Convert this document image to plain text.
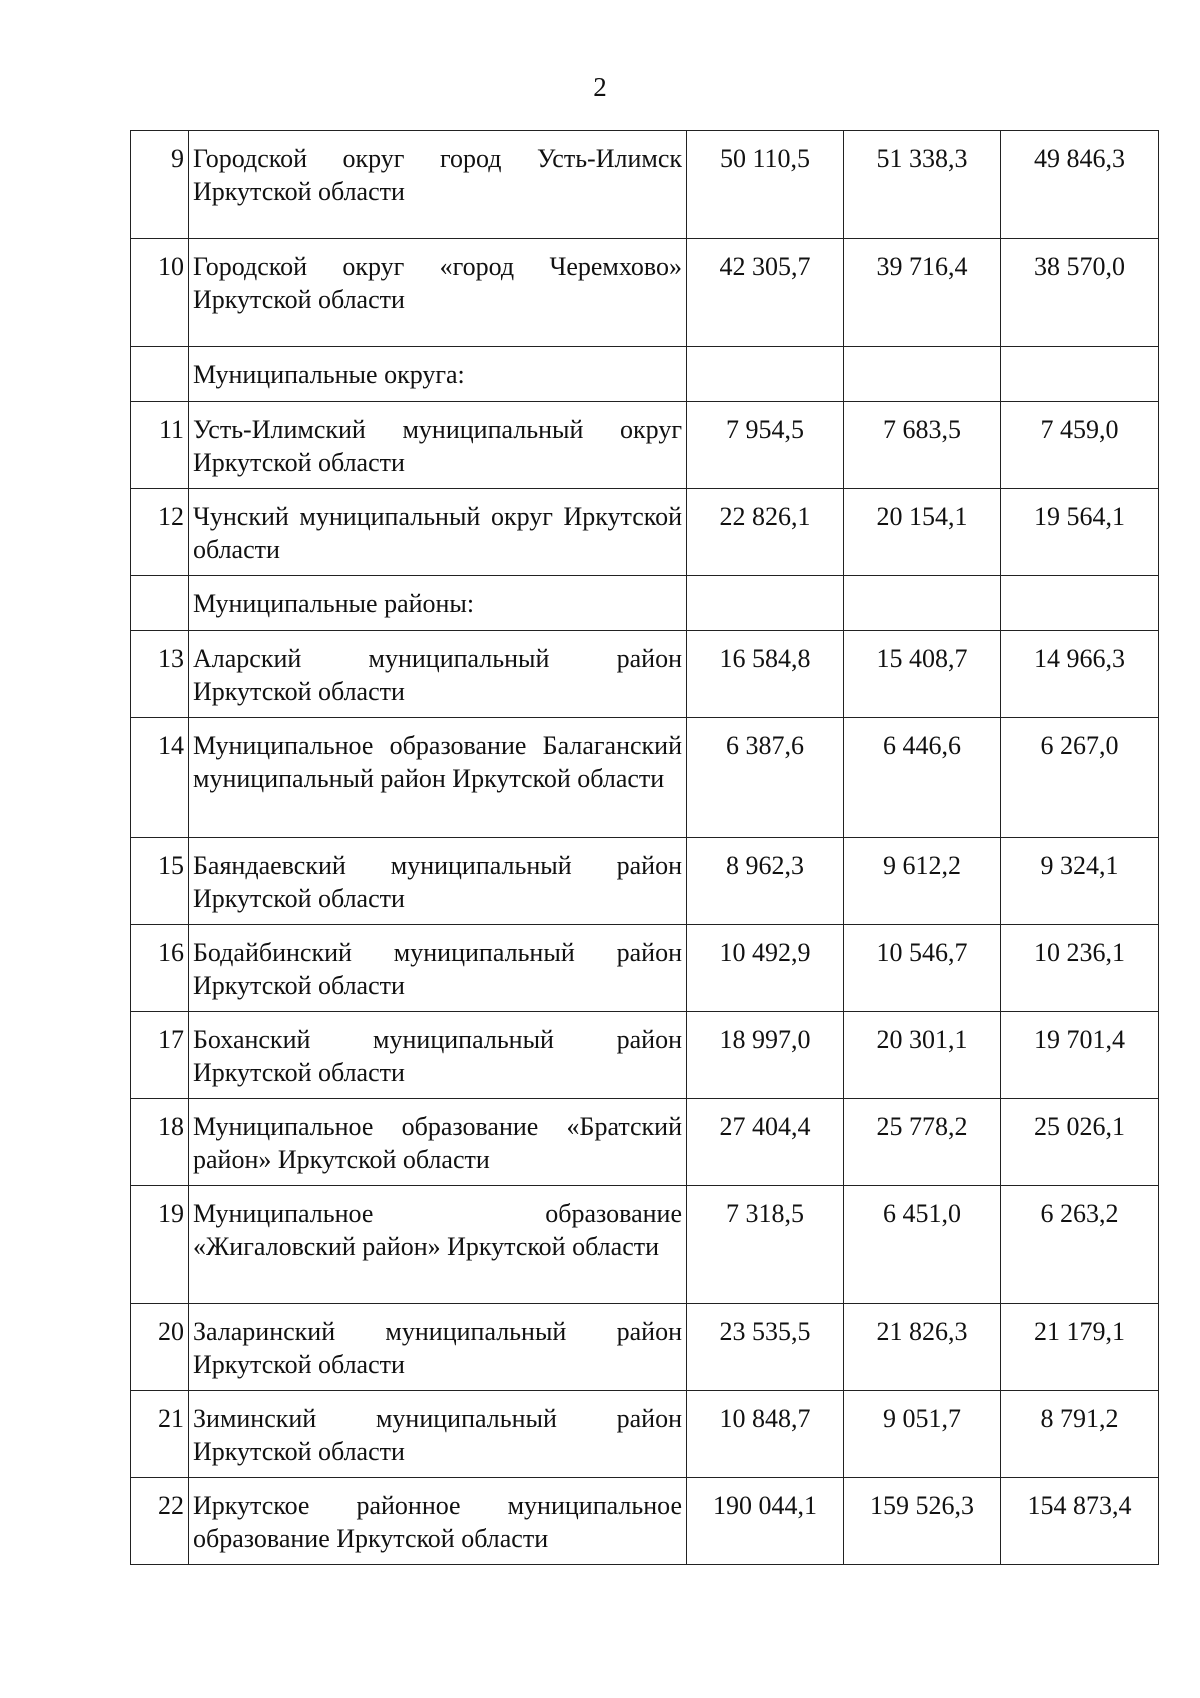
2
9	Городской округ город Усть-Илимск Иркутской области	50 110,5	51 338,3	49 846,3
10	Городской округ «город Черемхово» Иркутской области	42 305,7	39 716,4	38 570,0
	Муниципальные округа:			
11	Усть-Илимский муниципальный округ Иркутской области	7 954,5	7 683,5	7 459,0
12	Чунский муниципальный округ Иркутской области	22 826,1	20 154,1	19 564,1
	Муниципальные районы:			
13	Аларский муниципальный район Иркутской области	16 584,8	15 408,7	14 966,3
14	Муниципальное образование Балаганский муниципальный район Иркутской области	6 387,6	6 446,6	6 267,0
15	Баяндаевский муниципальный район Иркутской области	8 962,3	9 612,2	9 324,1
16	Бодайбинский муниципальный район Иркутской области	10 492,9	10 546,7	10 236,1
17	Боханский муниципальный район Иркутской области	18 997,0	20 301,1	19 701,4
18	Муниципальное образование «Братский район» Иркутской области	27 404,4	25 778,2	25 026,1
19	Муниципальное образование «Жигаловский район» Иркутской области	7 318,5	6 451,0	6 263,2
20	Заларинский муниципальный район Иркутской области	23 535,5	21 826,3	21 179,1
21	Зиминский муниципальный район Иркутской области	10 848,7	9 051,7	8 791,2
22	Иркутское районное муниципальное образование Иркутской области	190 044,1	159 526,3	154 873,4
